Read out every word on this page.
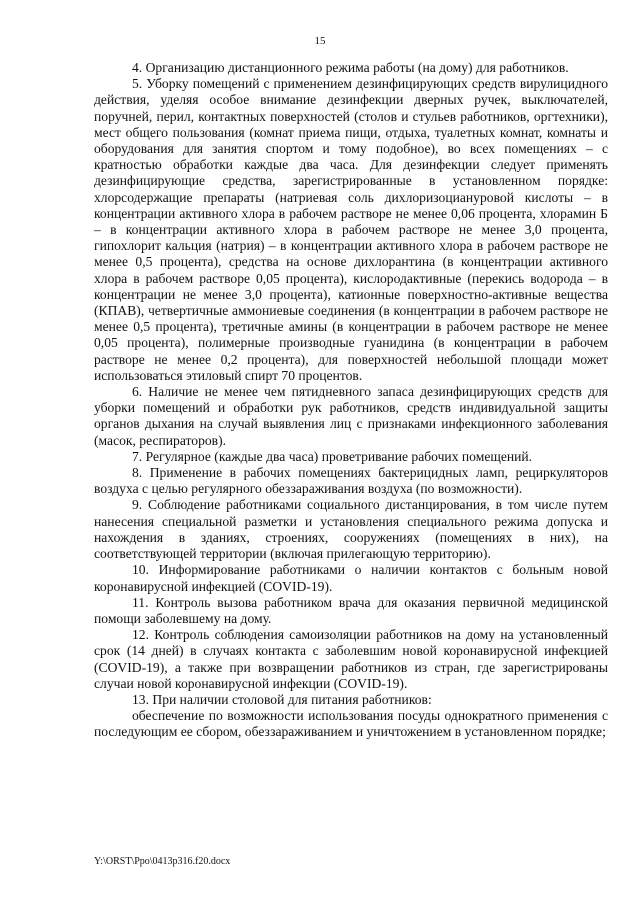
15

4. Организацию дистанционного режима работы (на дому) для работников.

5. Уборку помещений с применением дезинфицирующих средств вирулицидного действия, уделяя особое внимание дезинфекции дверных ручек, выключателей, поручней, перил, контактных поверхностей (столов и стульев работников, оргтехники), мест общего пользования (комнат приема пищи, отдыха, туалетных комнат, комнаты и оборудования для занятия спортом и тому подобное), во всех помещениях – с кратностью обработки каждые два часа. Для дезинфекции следует применять дезинфицирующие средства, зарегистрированные в установленном порядке: хлорсодержащие препараты (натриевая соль дихлоризоциануровой кислоты – в концентрации активного хлора в рабочем растворе не менее 0,06 процента, хлорамин Б – в концентрации активного хлора в рабочем растворе не менее 3,0 процента, гипохлорит кальция (натрия) – в концентрации активного хлора в рабочем растворе не менее 0,5 процента), средства на основе дихлорантина (в концентрации активного хлора в рабочем растворе 0,05 процента), кислородактивные (перекись водорода – в концентрации не менее 3,0 процента), катионные поверхностно-активные вещества (КПАВ), четвертичные аммониевые соединения (в концентрации в рабочем растворе не менее 0,5 процента), третичные амины (в концентрации в рабочем растворе не менее 0,05 процента), полимерные производные гуанидина (в концентрации в рабочем растворе не менее 0,2 процента), для поверхностей небольшой площади может использоваться этиловый спирт 70 процентов.

6. Наличие не менее чем пятидневного запаса дезинфицирующих средств для уборки помещений и обработки рук работников, средств индивидуальной защиты органов дыхания на случай выявления лиц с признаками инфекционного заболевания (масок, респираторов).

7. Регулярное (каждые два часа) проветривание рабочих помещений.

8. Применение в рабочих помещениях бактерицидных ламп, рециркуляторов воздуха с целью регулярного обеззараживания воздуха (по возможности).

9. Соблюдение работниками социального дистанцирования, в том числе путем нанесения специальной разметки и установления специального режима допуска и нахождения в зданиях, строениях, сооружениях (помещениях в них), на соответствующей территории (включая прилегающую территорию).

10. Информирование работниками о наличии контактов с больным новой коронавирусной инфекцией (COVID-19).

11. Контроль вызова работником врача для оказания первичной медицинской помощи заболевшему на дому.

12. Контроль соблюдения самоизоляции работников на дому на установленный срок (14 дней) в случаях контакта с заболевшим новой коронавирусной инфекцией (COVID-19), а также при возвращении работников из стран, где зарегистрированы случаи новой коронавирусной инфекции (COVID-19).

13. При наличии столовой для питания работников:

обеспечение по возможности использования посуды однократного применения с последующим ее сбором, обеззараживанием и уничтожением в установленном порядке;

Y:\ORST\Ppo\0413p316.f20.docx
